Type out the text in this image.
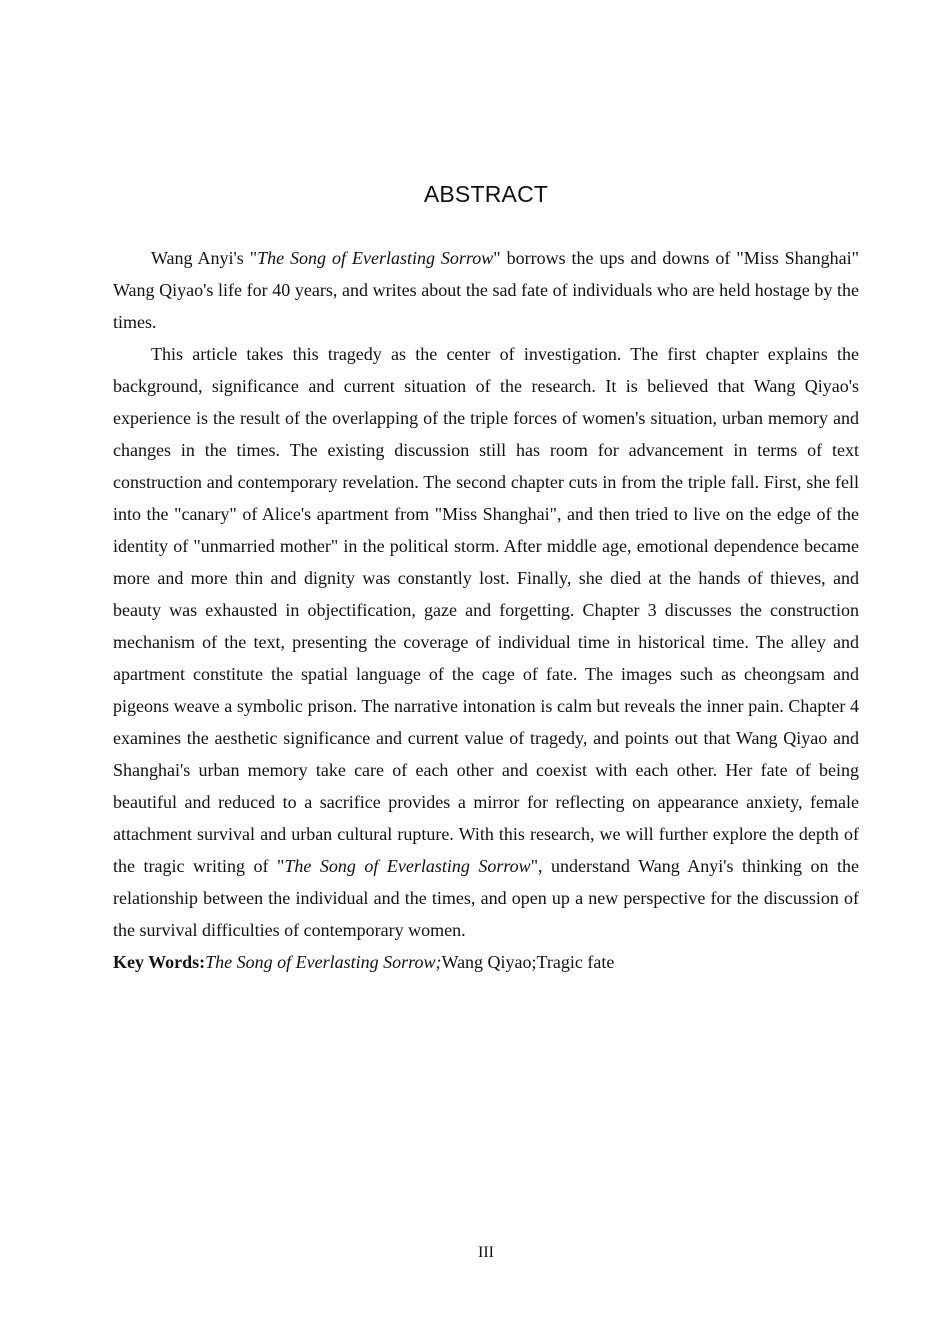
ABSTRACT

Wang Anyi's "The Song of Everlasting Sorrow" borrows the ups and downs of "Miss Shanghai" Wang Qiyao's life for 40 years, and writes about the sad fate of individuals who are held hostage by the times.

This article takes this tragedy as the center of investigation. The first chapter explains the background, significance and current situation of the research. It is believed that Wang Qiyao's experience is the result of the overlapping of the triple forces of women's situation, urban memory and changes in the times. The existing discussion still has room for advancement in terms of text construction and contemporary revelation. The second chapter cuts in from the triple fall. First, she fell into the "canary" of Alice's apartment from "Miss Shanghai", and then tried to live on the edge of the identity of "unmarried mother" in the political storm. After middle age, emotional dependence became more and more thin and dignity was constantly lost. Finally, she died at the hands of thieves, and beauty was exhausted in objectification, gaze and forgetting. Chapter 3 discusses the construction mechanism of the text, presenting the coverage of individual time in historical time. The alley and apartment constitute the spatial language of the cage of fate. The images such as cheongsam and pigeons weave a symbolic prison. The narrative intonation is calm but reveals the inner pain. Chapter 4 examines the aesthetic significance and current value of tragedy, and points out that Wang Qiyao and Shanghai's urban memory take care of each other and coexist with each other. Her fate of being beautiful and reduced to a sacrifice provides a mirror for reflecting on appearance anxiety, female attachment survival and urban cultural rupture. With this research, we will further explore the depth of the tragic writing of "The Song of Everlasting Sorrow", understand Wang Anyi's thinking on the relationship between the individual and the times, and open up a new perspective for the discussion of the survival difficulties of contemporary women.

Key Words:The Song of Everlasting Sorrow;Wang Qiyao;Tragic fate

III
